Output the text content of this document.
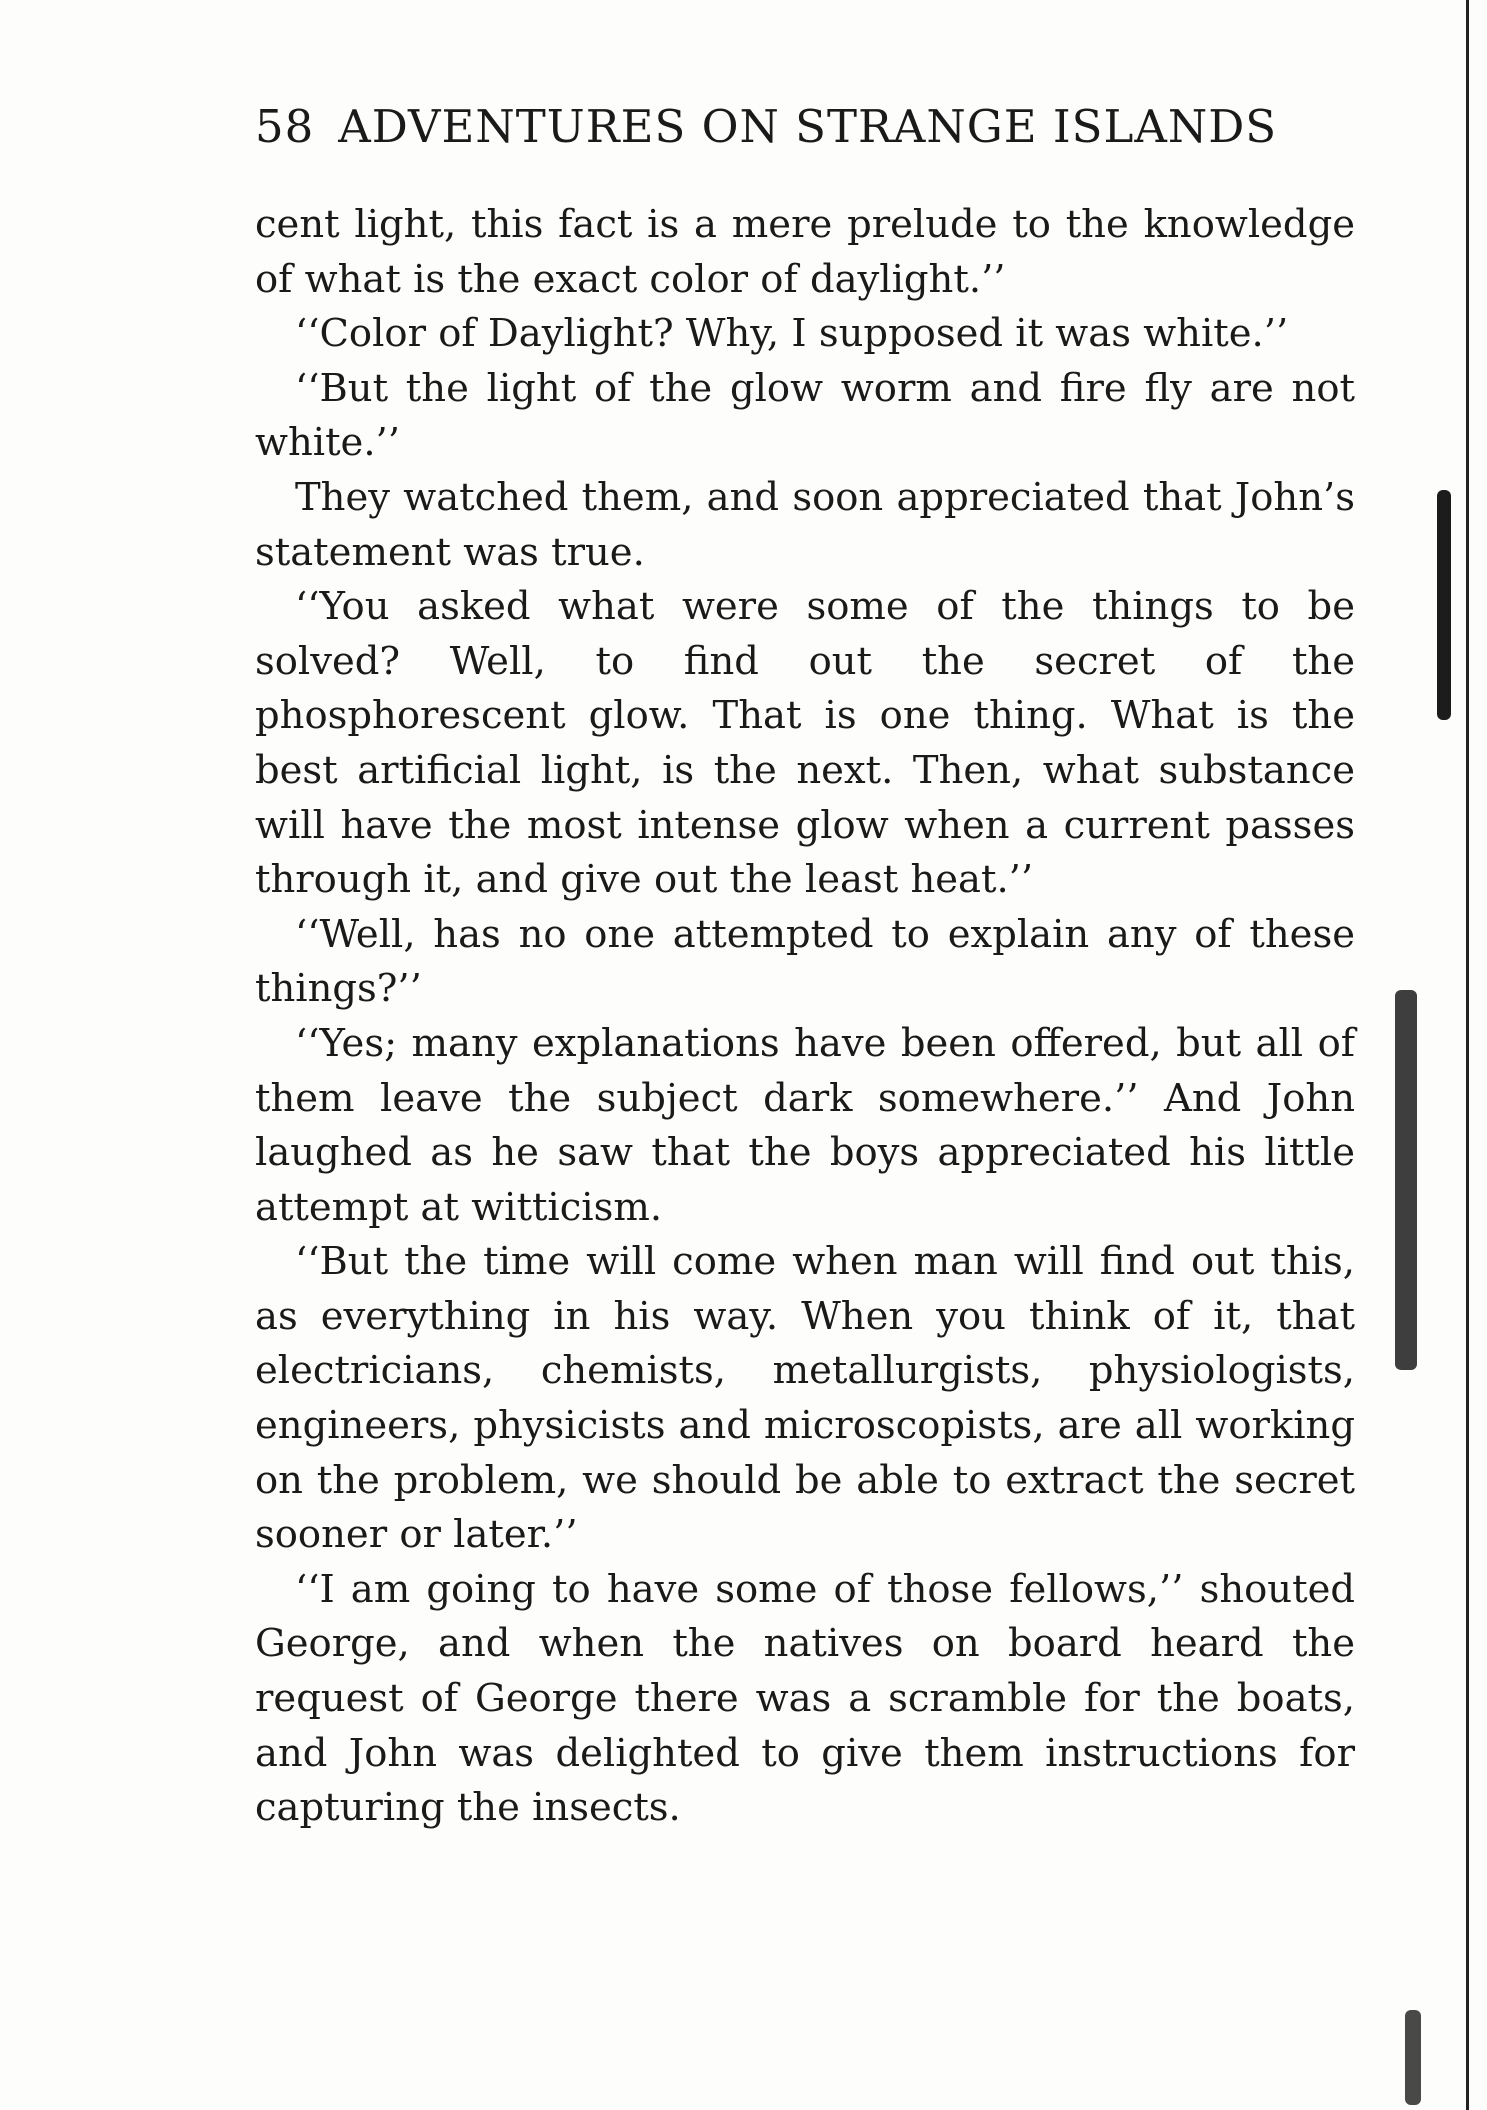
58 ADVENTURES ON STRANGE ISLANDS

cent light, this fact is a mere prelude to the knowledge of what is the exact color of daylight.’’

‘‘Color of Daylight? Why, I supposed it was white.’’

‘‘But the light of the glow worm and fire fly are not white.’’

They watched them, and soon appreciated that John’s statement was true.

‘‘You asked what were some of the things to be solved? Well, to find out the secret of the phosphorescent glow. That is one thing. What is the best artificial light, is the next. Then, what substance will have the most intense glow when a current passes through it, and give out the least heat.’’

‘‘Well, has no one attempted to explain any of these things?’’

‘‘Yes; many explanations have been offered, but all of them leave the subject dark somewhere.’’ And John laughed as he saw that the boys appreciated his little attempt at witticism.

‘‘But the time will come when man will find out this, as everything in his way. When you think of it, that electricians, chemists, metallurgists, physiologists, engineers, physicists and microscopists, are all working on the problem, we should be able to extract the secret sooner or later.’’

‘‘I am going to have some of those fellows,’’ shouted George, and when the natives on board heard the request of George there was a scramble for the boats, and John was delighted to give them instructions for capturing the insects.
